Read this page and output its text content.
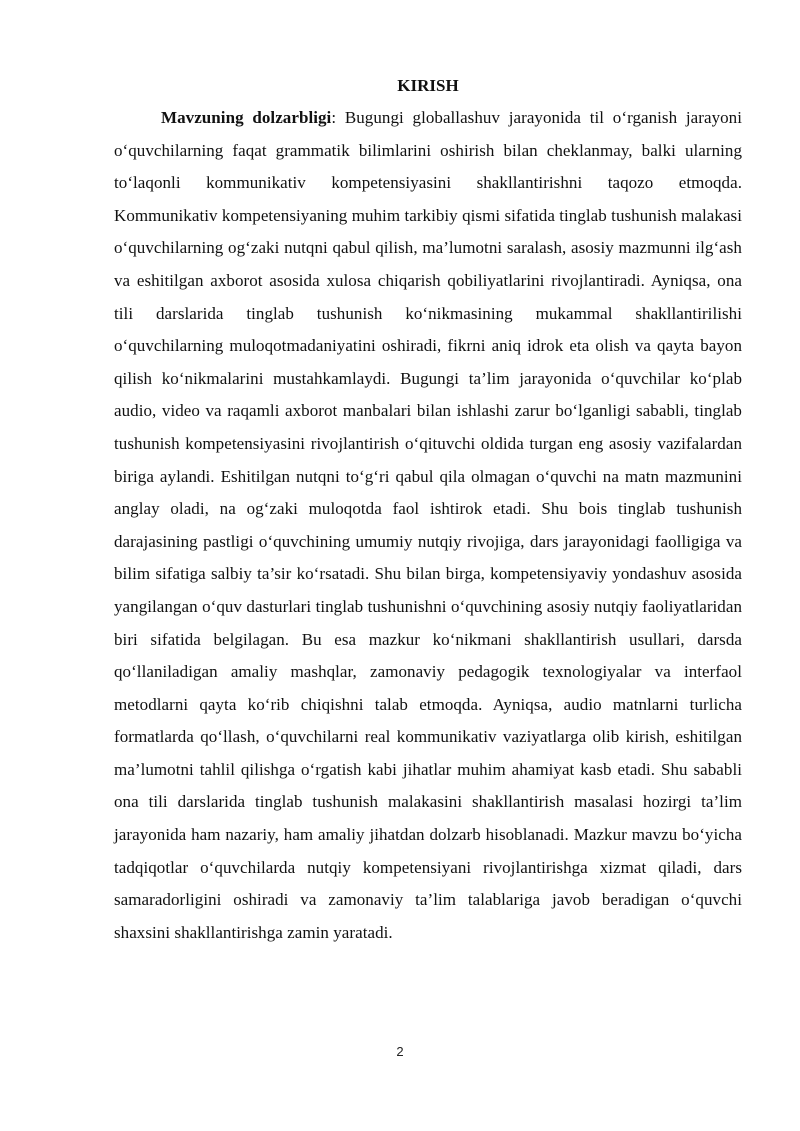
KIRISH

Mavzuning dolzarbligi: Bugungi globallashuv jarayonida til o‘rganish jarayoni o‘quvchilarning faqat grammatik bilimlarini oshirish bilan cheklanmay, balki ularning to‘laqonli kommunikativ kompetensiyasini shakllantirishni taqozo etmoqda. Kommunikativ kompetensiyaning muhim tarkibiy qismi sifatida tinglab tushunish malakasi o‘quvchilarning og‘zaki nutqni qabul qilish, ma’lumotni saralash, asosiy mazmunni ilg‘ash va eshitilgan axborot asosida xulosa chiqarish qobiliyatlarini rivojlantiradi. Ayniqsa, ona tili darslarida tinglab tushunish ko‘nikmasining mukammal shakllantirilishi o‘quvchilarning muloqotmadaniyatini oshiradi, fikrni aniq idrok eta olish va qayta bayon qilish ko‘nikmalarini mustahkamlaydi. Bugungi ta’lim jarayonida o‘quvchilar ko‘plab audio, video va raqamli axborot manbalari bilan ishlashi zarur bo‘lganligi sababli, tinglab tushunish kompetensiyasini rivojlantirish o‘qituvchi oldida turgan eng asosiy vazifalardan biriga aylandi. Eshitilgan nutqni to‘g‘ri qabul qila olmagan o‘quvchi na matn mazmunini anglay oladi, na og‘zaki muloqotda faol ishtirok etadi. Shu bois tinglab tushunish darajasining pastligi o‘quvchining umumiy nutqiy rivojiga, dars jarayonidagi faolligiga va bilim sifatiga salbiy ta’sir ko‘rsatadi. Shu bilan birga, kompetensiyaviy yondashuv asosida yangilangan o‘quv dasturlari tinglab tushunishni o‘quvchining asosiy nutqiy faoliyatlaridan biri sifatida belgilagan. Bu esa mazkur ko‘nikmani shakllantirish usullari, darsda qo‘llaniladigan amaliy mashqlar, zamonaviy pedagogik texnologiyalar va interfaol metodlarni qayta ko‘rib chiqishni talab etmoqda. Ayniqsa, audio matnlarni turlicha formatlarda qo‘llash, o‘quvchilarni real kommunikativ vaziyatlarga olib kirish, eshitilgan ma’lumotni tahlil qilishga o‘rgatish kabi jihatlar muhim ahamiyat kasb etadi. Shu sababli ona tili darslarida tinglab tushunish malakasini shakllantirish masalasi hozirgi ta’lim jarayonida ham nazariy, ham amaliy jihatdan dolzarb hisoblanadi. Mazkur mavzu bo‘yicha tadqiqotlar o‘quvchilarda nutqiy kompetensiyani rivojlantirishga xizmat qiladi, dars samaradorligini oshiradi va zamonaviy ta’lim talablariga javob beradigan o‘quvchi shaxsini shakllantirishga zamin yaratadi.

2
